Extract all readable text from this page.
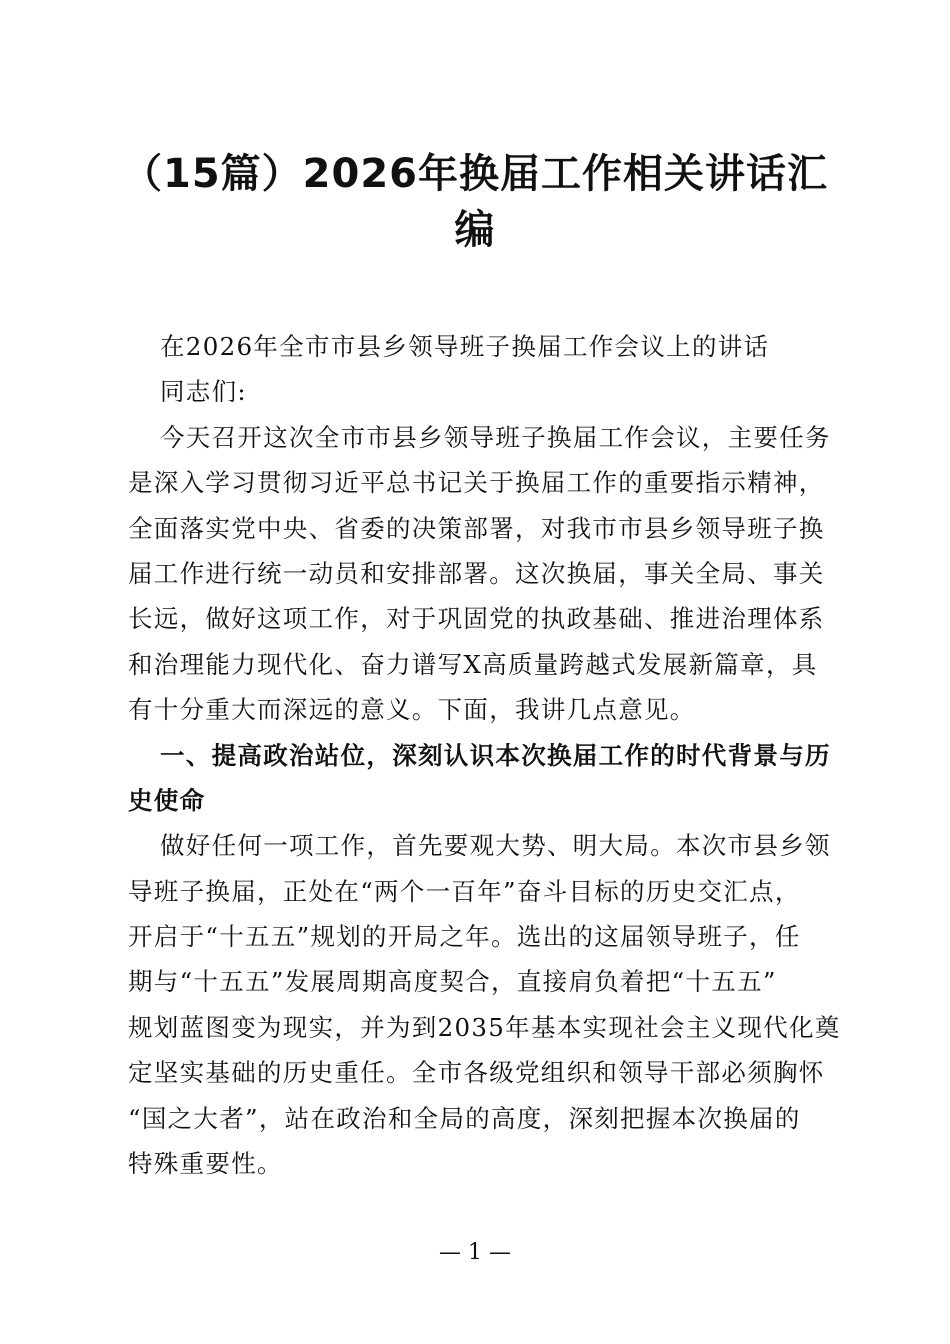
（15篇）2026年换届工作相关讲话汇编
在2026年全市市县乡领导班子换届工作会议上的讲话
同志们:
今天召开这次全市市县乡领导班子换届工作会议，主要任务
是深入学习贯彻习近平总书记关于换届工作的重要指示精神，
全面落实党中央、省委的决策部署，对我市市县乡领导班子换
届工作进行统一动员和安排部署。这次换届，事关全局、事关
长远，做好这项工作，对于巩固党的执政基础、推进治理体系
和治理能力现代化、奋力谱写X高质量跨越式发展新篇章，具
有十分重大而深远的意义。下面，我讲几点意见。
一、提高政治站位，深刻认识本次换届工作的时代背景与历
史使命
做好任何一项工作，首先要观大势、明大局。本次市县乡领
导班子换届，正处在“两个一百年”奋斗目标的历史交汇点，
开启于“十五五”规划的开局之年。选出的这届领导班子，任
期与“十五五”发展周期高度契合，直接肩负着把“十五五”
规划蓝图变为现实，并为到2035年基本实现社会主义现代化奠
定坚实基础的历史重任。全市各级党组织和领导干部必须胸怀
“国之大者”，站在政治和全局的高度，深刻把握本次换届的
特殊重要性。
— 1 —
